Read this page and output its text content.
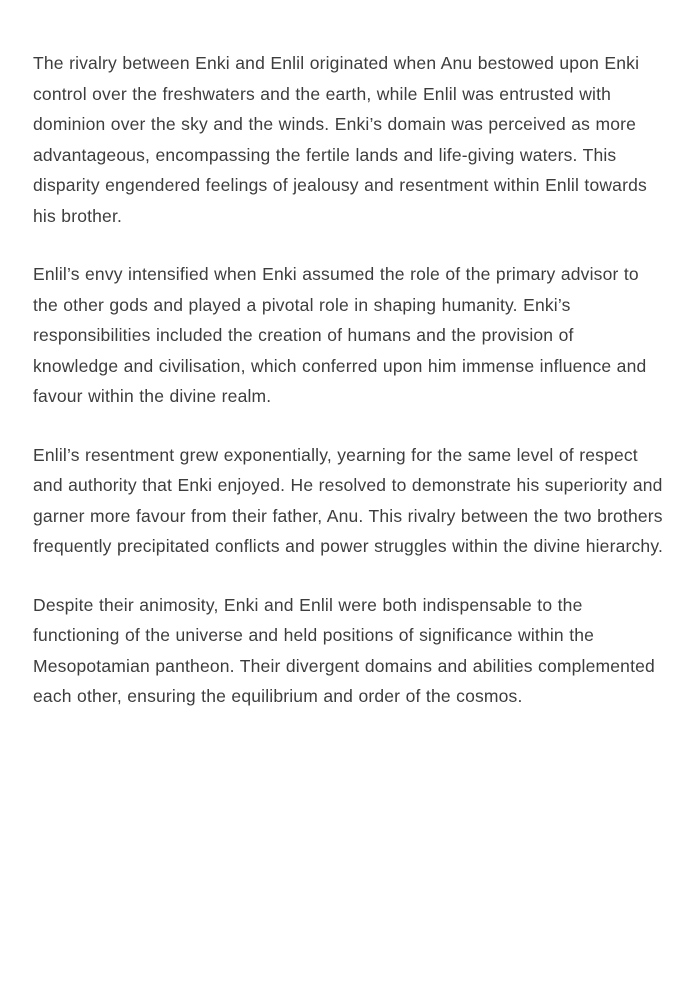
The rivalry between Enki and Enlil originated when Anu bestowed upon Enki control over the freshwaters and the earth, while Enlil was entrusted with dominion over the sky and the winds. Enki’s domain was perceived as more advantageous, encompassing the fertile lands and life-giving waters. This disparity engendered feelings of jealousy and resentment within Enlil towards his brother.

Enlil’s envy intensified when Enki assumed the role of the primary advisor to the other gods and played a pivotal role in shaping humanity. Enki’s responsibilities included the creation of humans and the provision of knowledge and civilisation, which conferred upon him immense influence and favour within the divine realm.

Enlil’s resentment grew exponentially, yearning for the same level of respect and authority that Enki enjoyed. He resolved to demonstrate his superiority and garner more favour from their father, Anu. This rivalry between the two brothers frequently precipitated conflicts and power struggles within the divine hierarchy.

Despite their animosity, Enki and Enlil were both indispensable to the functioning of the universe and held positions of significance within the Mesopotamian pantheon. Their divergent domains and abilities complemented each other, ensuring the equilibrium and order of the cosmos.
